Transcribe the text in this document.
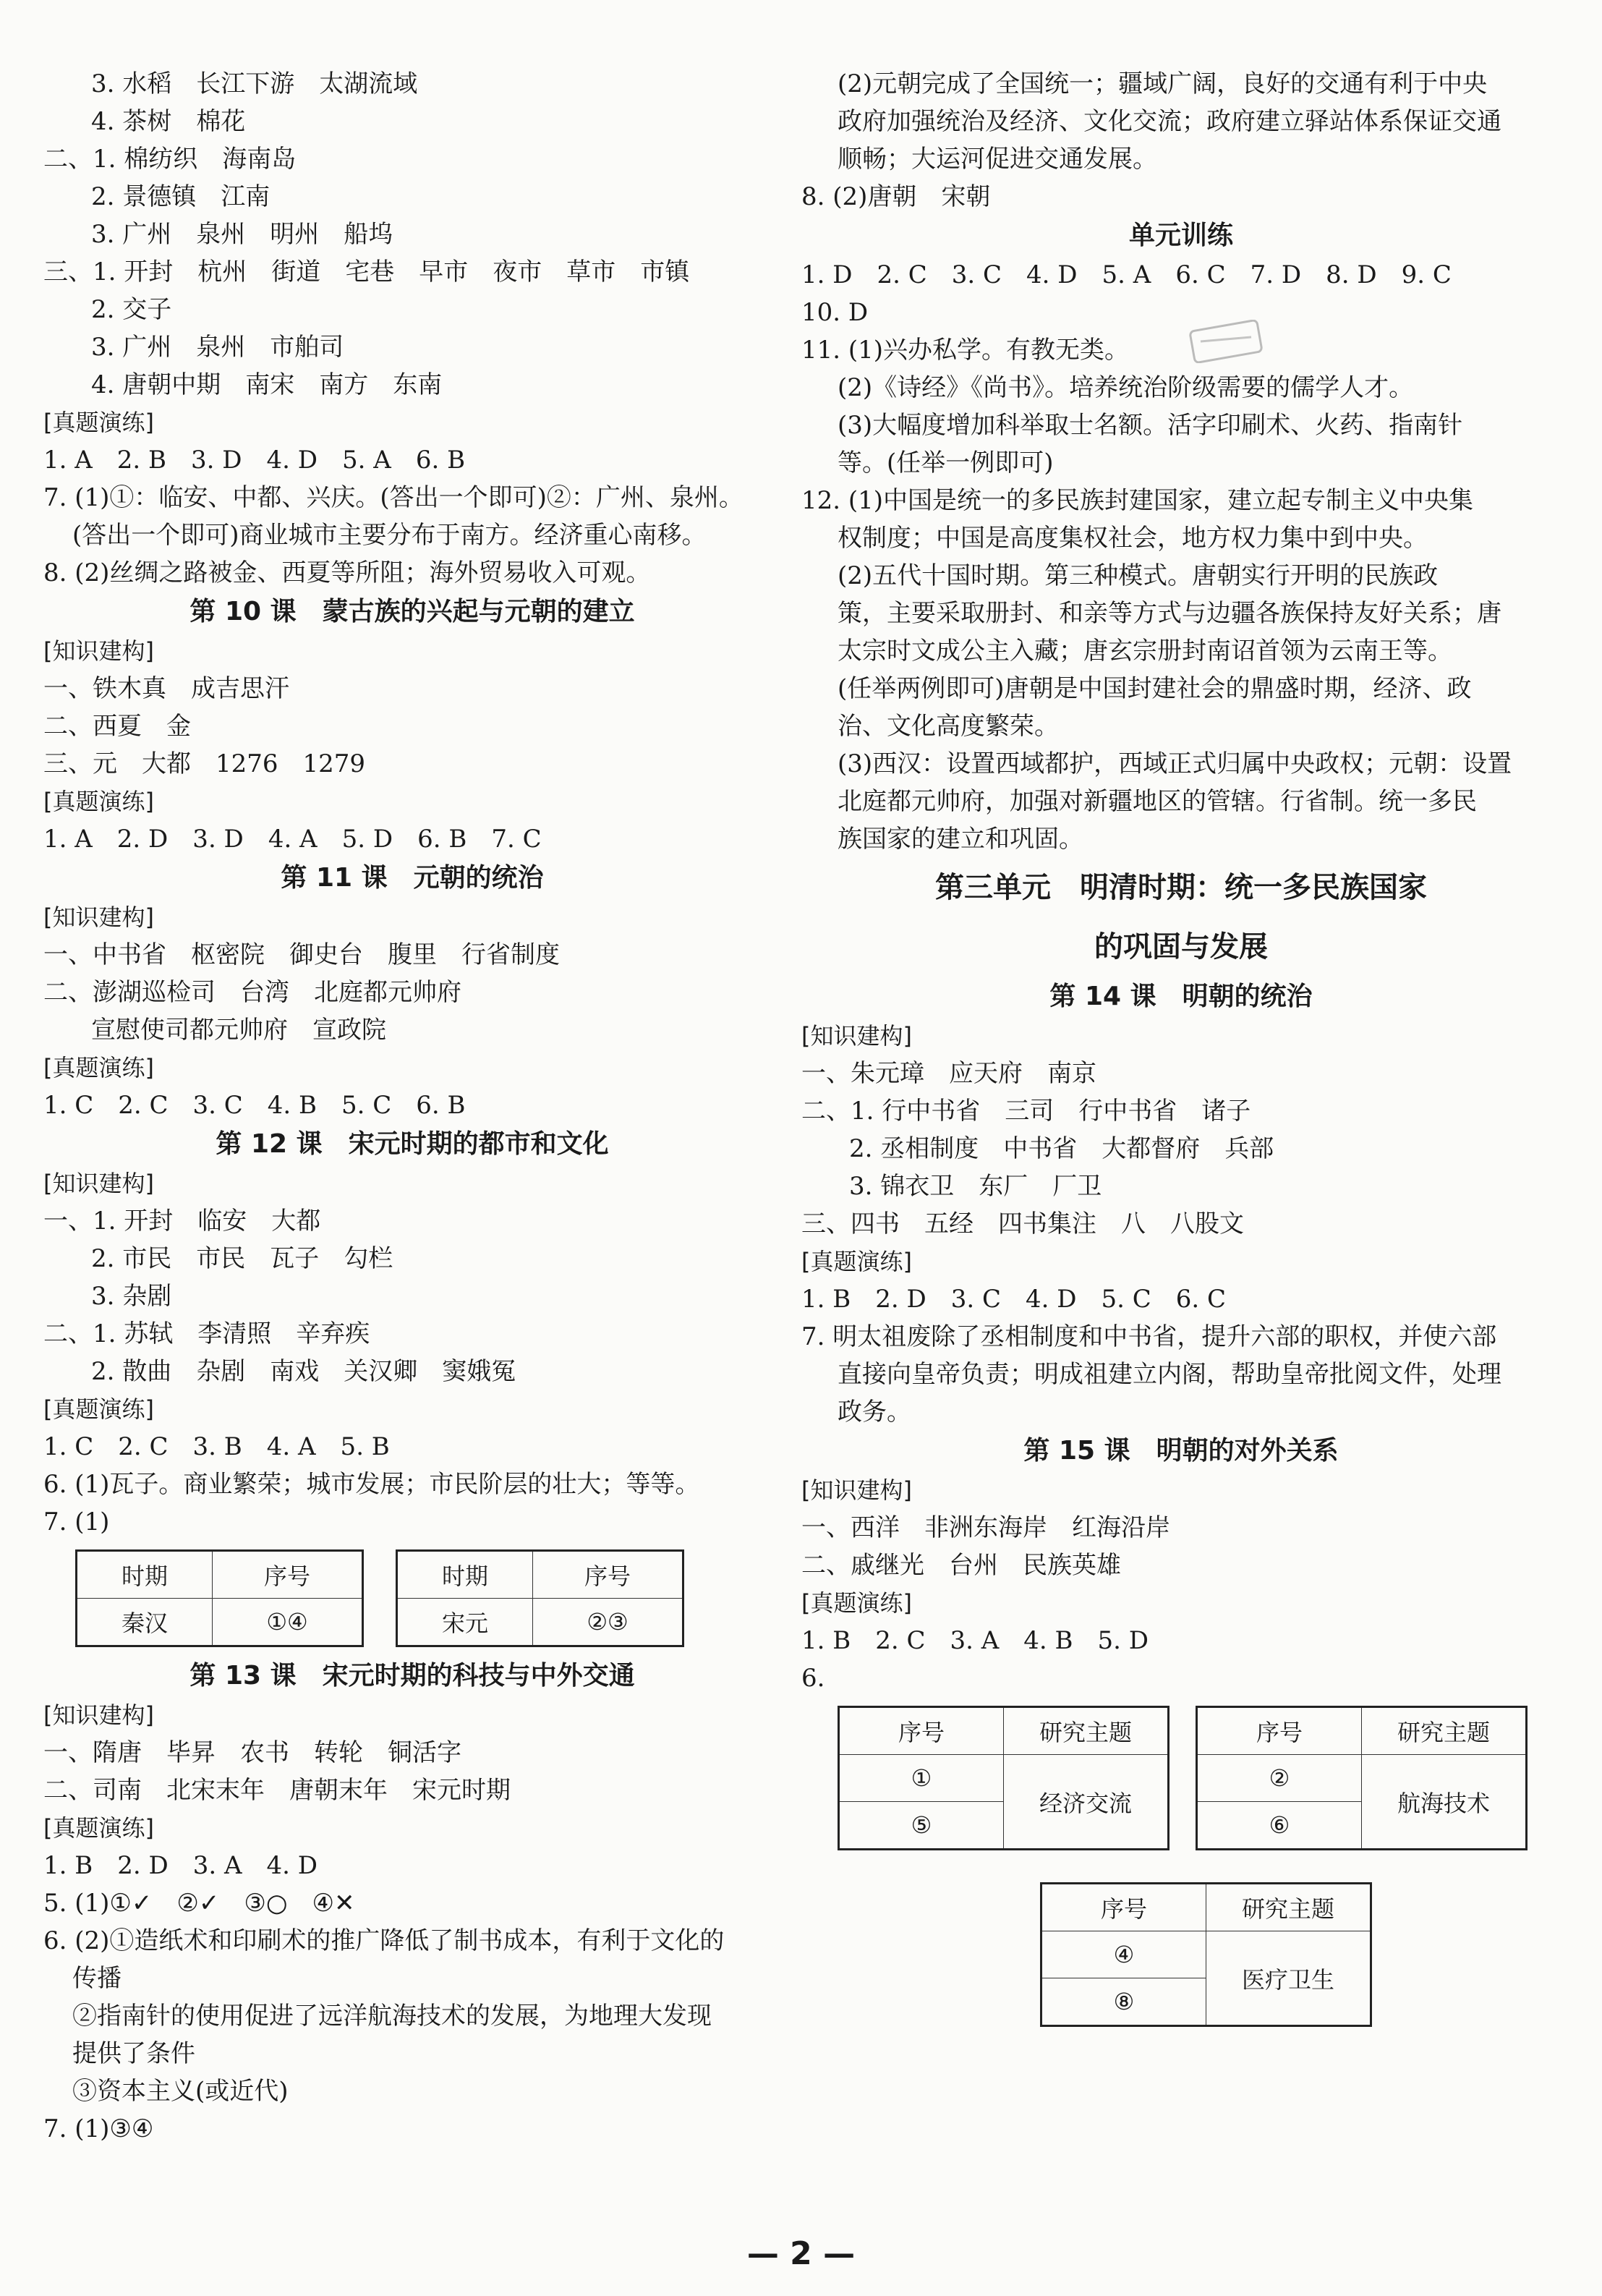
3. 水稻　长江下游　太湖流域
4. 茶树　棉花
二、1. 棉纺织　海南岛
2. 景德镇　江南
3. 广州　泉州　明州　船坞
三、1. 开封　杭州　街道　宅巷　早市　夜市　草市　市镇
2. 交子
3. 广州　泉州　市舶司
4. 唐朝中期　南宋　南方　东南
[真题演练]
1. A　2. B　3. D　4. D　5. A　6. B
7. (1)①：临安、中都、兴庆。(答出一个即可)②：广州、泉州。
(答出一个即可)商业城市主要分布于南方。经济重心南移。
8. (2)丝绸之路被金、西夏等所阻；海外贸易收入可观。
第 10 课　蒙古族的兴起与元朝的建立
[知识建构]
一、铁木真　成吉思汗
二、西夏　金
三、元　大都　1276　1279
[真题演练]
1. A　2. D　3. D　4. A　5. D　6. B　7. C
第 11 课　元朝的统治
[知识建构]
一、中书省　枢密院　御史台　腹里　行省制度
二、澎湖巡检司　台湾　北庭都元帅府
宣慰使司都元帅府　宣政院
[真题演练]
1. C　2. C　3. C　4. B　5. C　6. B
第 12 课　宋元时期的都市和文化
[知识建构]
一、1. 开封　临安　大都
2. 市民　市民　瓦子　勾栏
3. 杂剧
二、1. 苏轼　李清照　辛弃疾
2. 散曲　杂剧　南戏　关汉卿　窦娥冤
[真题演练]
1. C　2. C　3. B　4. A　5. B
6. (1)瓦子。商业繁荣；城市发展；市民阶层的壮大；等等。
7. (1)
时期	序号
秦汉	①④
时期	序号
宋元	②③
第 13 课　宋元时期的科技与中外交通
[知识建构]
一、隋唐　毕昇　农书　转轮　铜活字
二、司南　北宋末年　唐朝末年　宋元时期
[真题演练]
1. B　2. D　3. A　4. D
5. (1)①✓　②✓　③○　④✕
6. (2)①造纸术和印刷术的推广降低了制书成本，有利于文化的
传播
②指南针的使用促进了远洋航海技术的发展，为地理大发现
提供了条件
③资本主义(或近代)
7. (1)③④
(2)元朝完成了全国统一；疆域广阔，良好的交通有利于中央
政府加强统治及经济、文化交流；政府建立驿站体系保证交通
顺畅；大运河促进交通发展。
8. (2)唐朝　宋朝
单元训练
1. D　2. C　3. C　4. D　5. A　6. C　7. D　8. D　9. C
10. D
11. (1)兴办私学。有教无类。
(2)《诗经》《尚书》。培养统治阶级需要的儒学人才。
(3)大幅度增加科举取士名额。活字印刷术、火药、指南针
等。(任举一例即可)
12. (1)中国是统一的多民族封建国家，建立起专制主义中央集
权制度；中国是高度集权社会，地方权力集中到中央。
(2)五代十国时期。第三种模式。唐朝实行开明的民族政
策，主要采取册封、和亲等方式与边疆各族保持友好关系；唐
太宗时文成公主入藏；唐玄宗册封南诏首领为云南王等。
(任举两例即可)唐朝是中国封建社会的鼎盛时期，经济、政
治、文化高度繁荣。
(3)西汉：设置西域都护，西域正式归属中央政权；元朝：设置
北庭都元帅府，加强对新疆地区的管辖。行省制。统一多民
族国家的建立和巩固。
第三单元　明清时期：统一多民族国家
的巩固与发展
第 14 课　明朝的统治
[知识建构]
一、朱元璋　应天府　南京
二、1. 行中书省　三司　行中书省　诸子
2. 丞相制度　中书省　大都督府　兵部
3. 锦衣卫　东厂　厂卫
三、四书　五经　四书集注　八　八股文
[真题演练]
1. B　2. D　3. C　4. D　5. C　6. C
7. 明太祖废除了丞相制度和中书省，提升六部的职权，并使六部
直接向皇帝负责；明成祖建立内阁，帮助皇帝批阅文件，处理
政务。
第 15 课　明朝的对外关系
[知识建构]
一、西洋　非洲东海岸　红海沿岸
二、戚继光　台州　民族英雄
[真题演练]
1. B　2. C　3. A　4. B　5. D
6.
序号	研究主题
①	经济交流
⑤	
序号	研究主题
②	航海技术
⑥	
序号	研究主题
④	医疗卫生
⑧	
— 2 —
